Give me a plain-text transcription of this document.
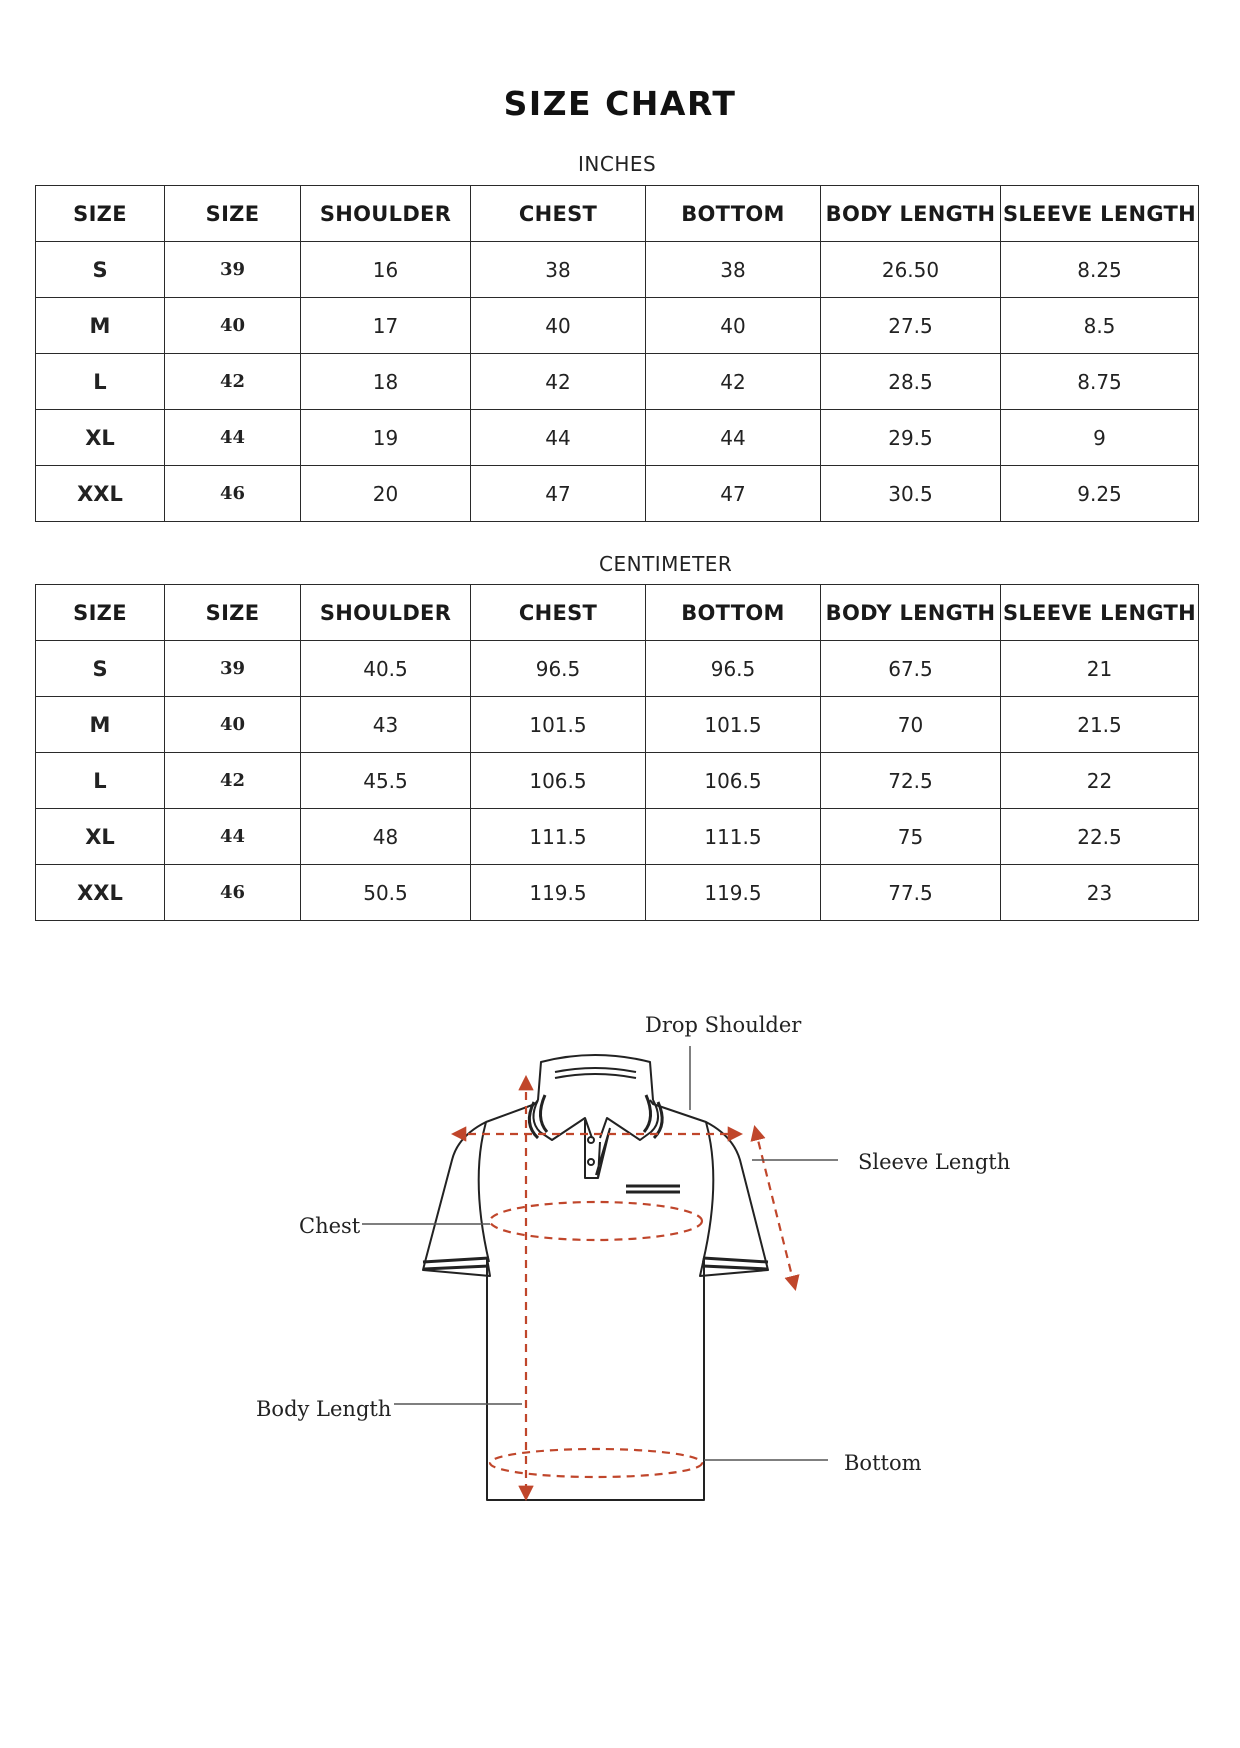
SIZE CHART
INCHES
SIZE	SIZE	SHOULDER	CHEST	BOTTOM	BODY LENGTH	SLEEVE LENGTH
S	39	16	38	38	26.50	8.25
M	40	17	40	40	27.5	8.5
L	42	18	42	42	28.5	8.75
XL	44	19	44	44	29.5	9
XXL	46	20	47	47	30.5	9.25
CENTIMETER
SIZE	SIZE	SHOULDER	CHEST	BOTTOM	BODY LENGTH	SLEEVE LENGTH
S	39	40.5	96.5	96.5	67.5	21
M	40	43	101.5	101.5	70	21.5
L	42	45.5	106.5	106.5	72.5	22
XL	44	48	111.5	111.5	75	22.5
XXL	46	50.5	119.5	119.5	77.5	23
Drop Shoulder
Sleeve Length
Chest
Body Length
Bottom
